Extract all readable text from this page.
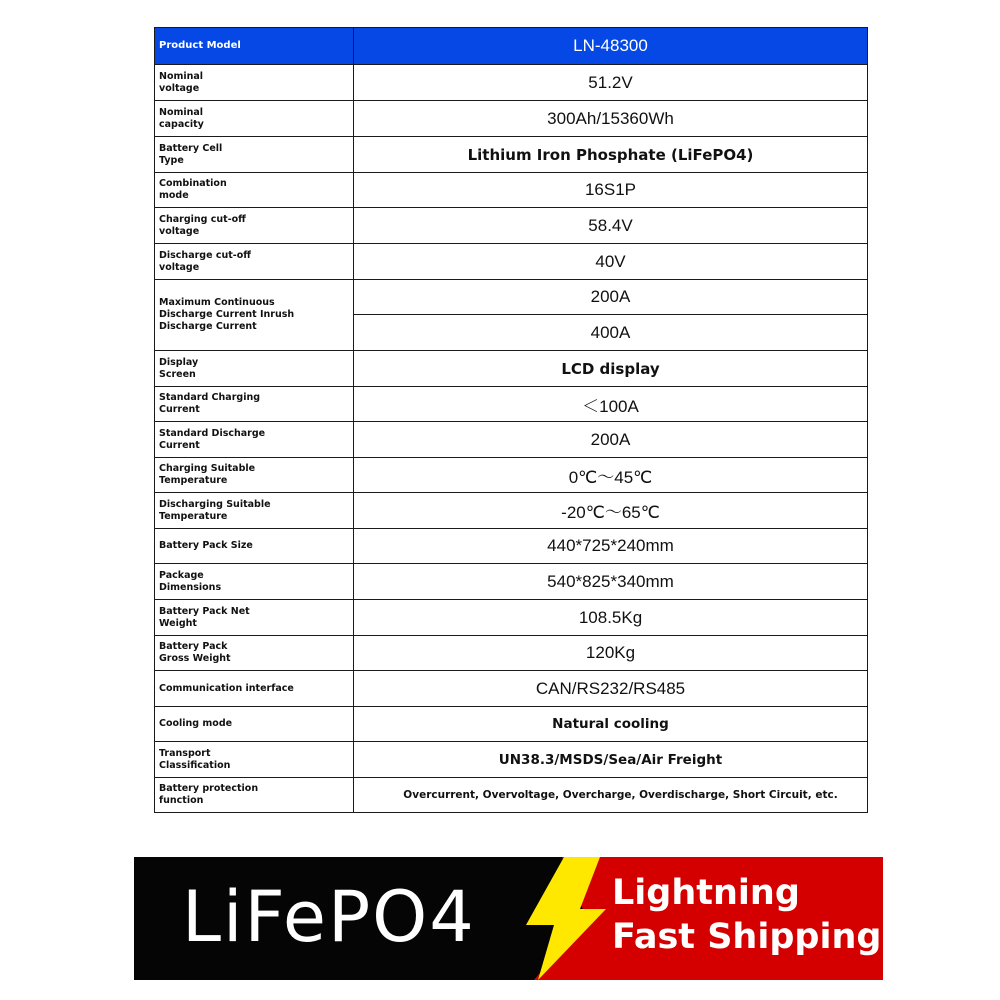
Product Model	LN-48300
Nominal
voltage	51.2V
Nominal
capacity	300Ah/15360Wh
Battery Cell
Type	Lithium Iron Phosphate (LiFePO4)
Combination
mode	16S1P
Charging cut-off
voltage	58.4V
Discharge cut-off
voltage	40V
Maximum Continuous
Discharge Current Inrush
Discharge Current	200A
	400A
Display
Screen	LCD display
Standard Charging
Current	＜100A
Standard Discharge
Current	200A
Charging Suitable
Temperature	0℃～45℃
Discharging Suitable
Temperature	-20℃～65℃
Battery Pack Size	440*725*240mm
Package
Dimensions	540*825*340mm
Battery Pack Net
Weight	108.5Kg
Battery Pack
Gross Weight	120Kg
Communication interface	CAN/RS232/RS485
Cooling mode	Natural cooling
Transport
Classification	UN38.3/MSDS/Sea/Air Freight
Battery protection
function	Overcurrent, Overvoltage, Overcharge, Overdischarge, Short Circuit, etc.
LiFePO4	Lightning
Fast Shipping
